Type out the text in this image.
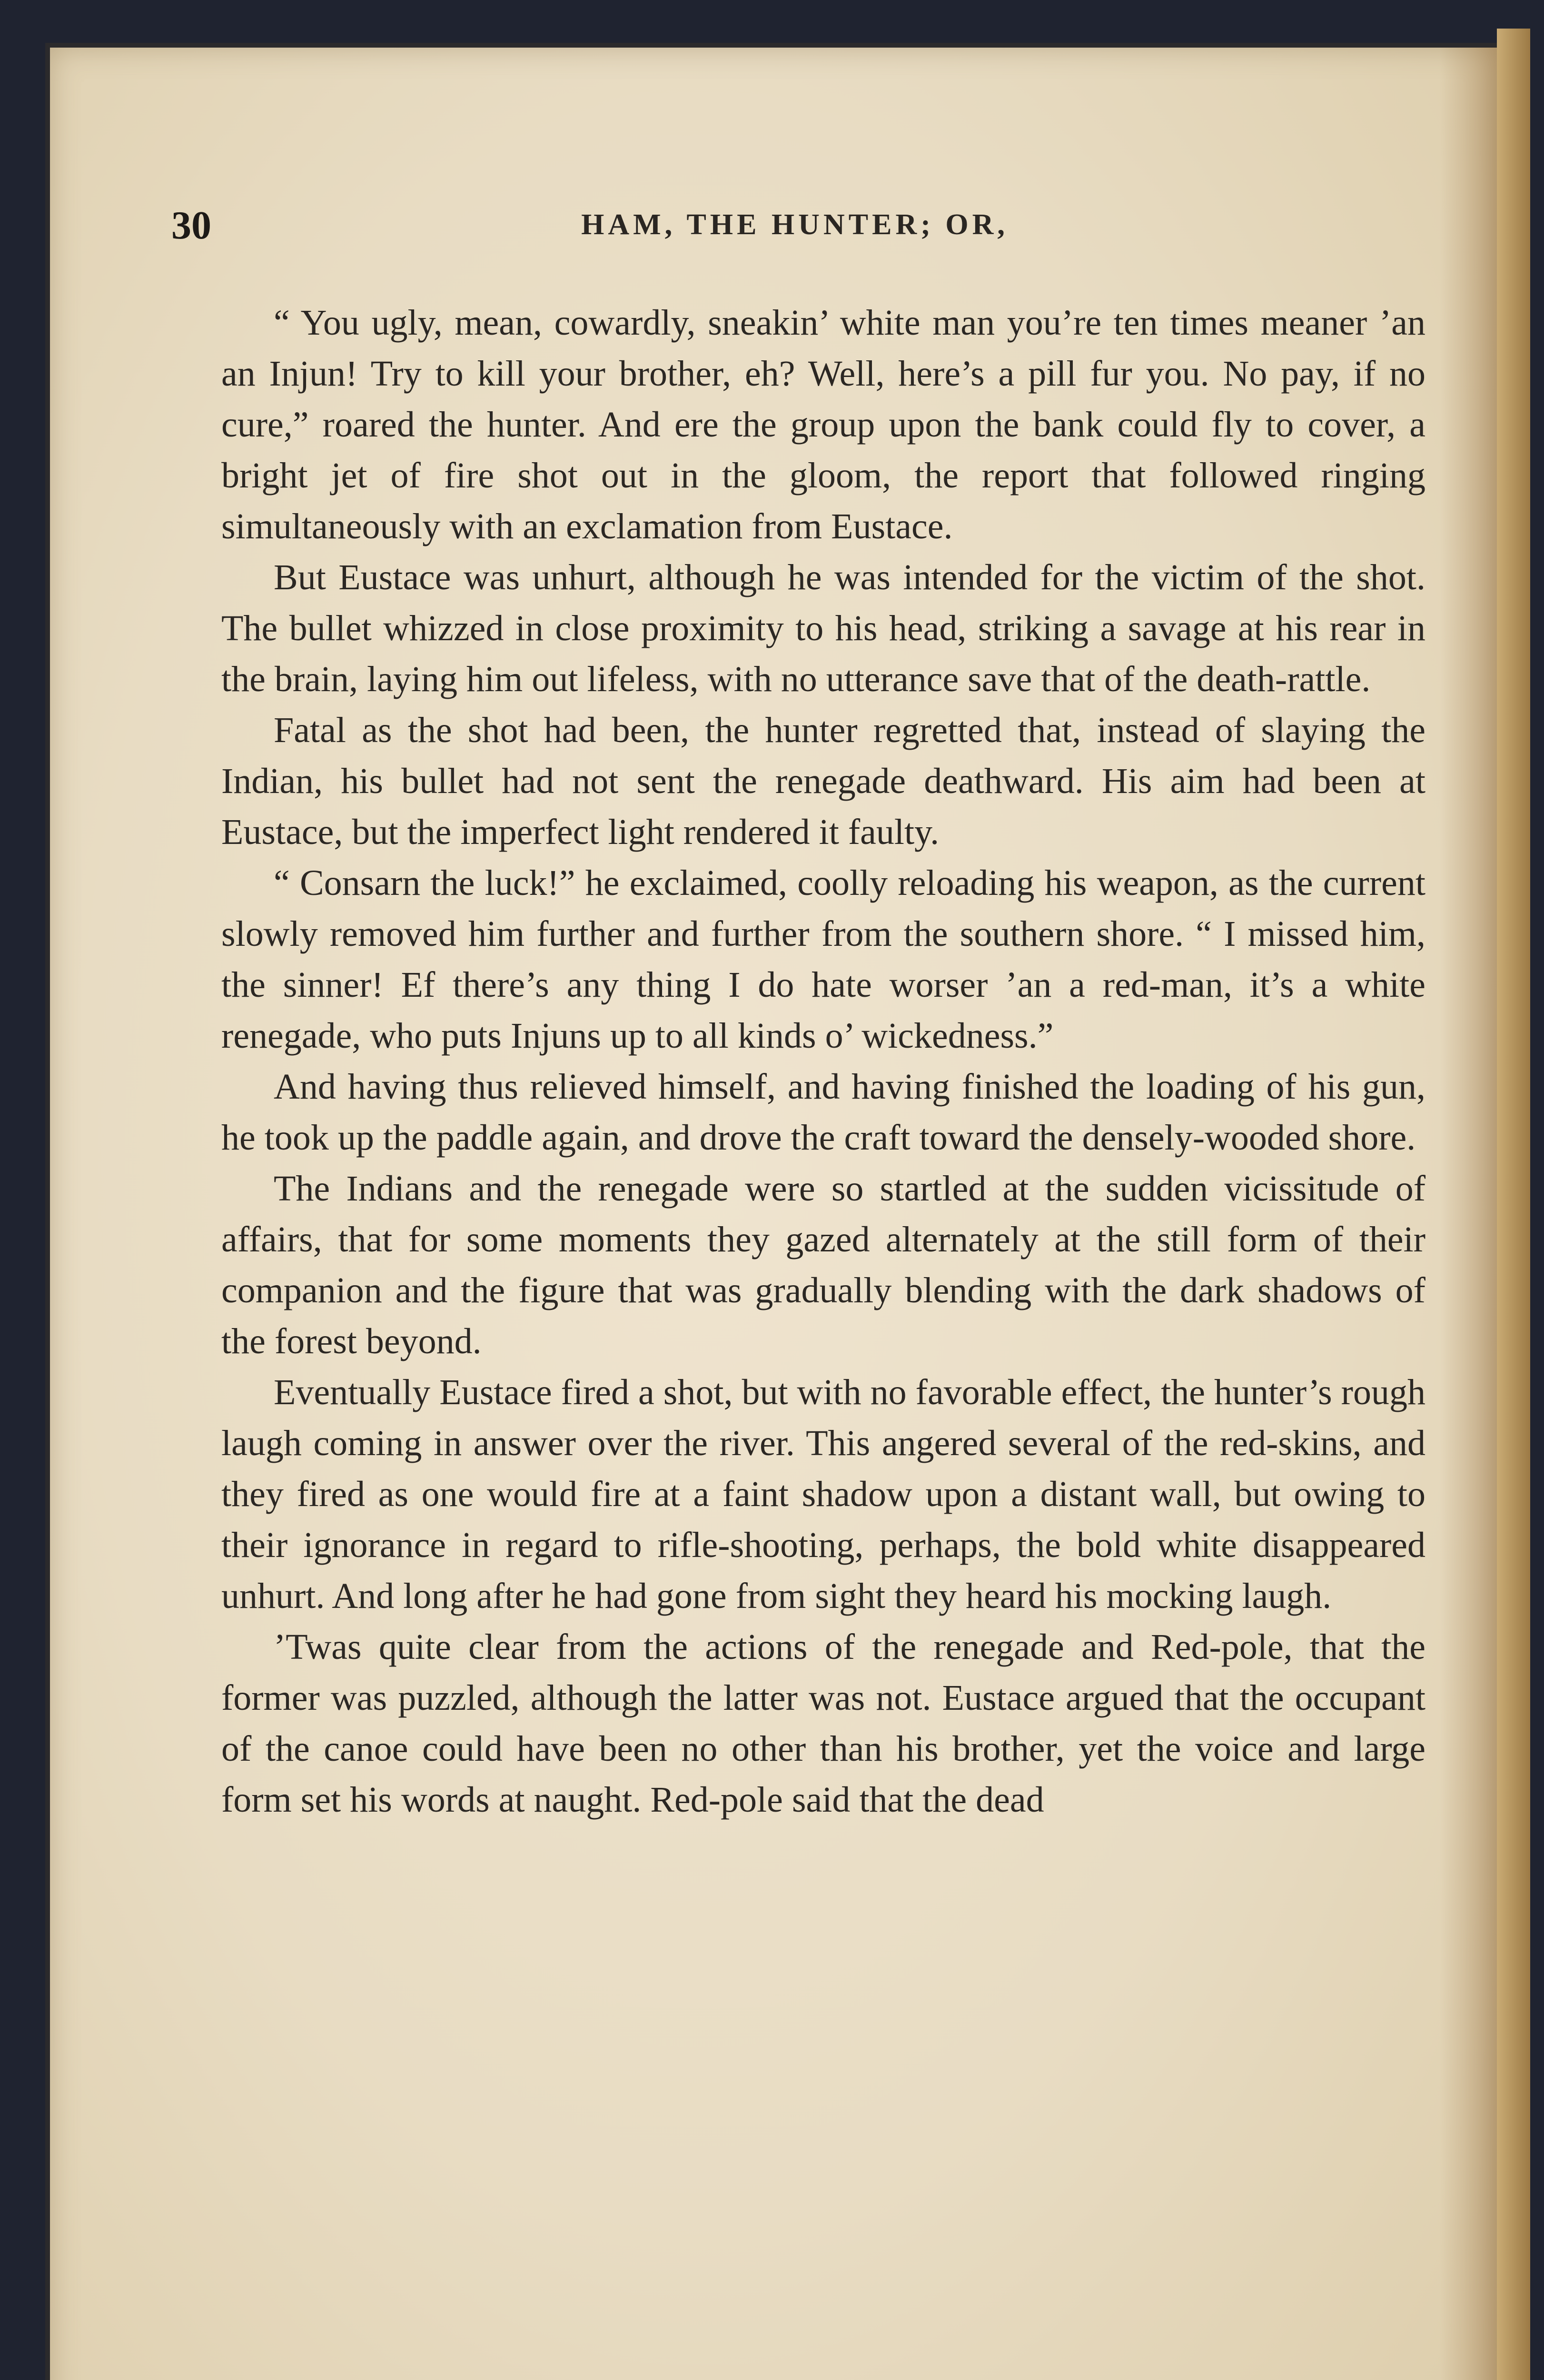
30	HAM, THE HUNTER; OR,

“ You ugly, mean, cowardly, sneakin’ white man you’re ten times meaner ’an an Injun! Try to kill your brother, eh? Well, here’s a pill fur you. No pay, if no cure,” roared the hunter. And ere the group upon the bank could fly to cover, a bright jet of fire shot out in the gloom, the report that followed ringing simultaneously with an exclamation from Eustace.

But Eustace was unhurt, although he was intended for the victim of the shot. The bullet whizzed in close proximity to his head, striking a savage at his rear in the brain, laying him out lifeless, with no utterance save that of the death-rattle.

Fatal as the shot had been, the hunter regretted that, instead of slaying the Indian, his bullet had not sent the renegade deathward. His aim had been at Eustace, but the imperfect light rendered it faulty.

“ Consarn the luck!” he exclaimed, coolly reloading his weapon, as the current slowly removed him further and further from the southern shore. “ I missed him, the sinner! Ef there’s any thing I do hate worser ’an a red-man, it’s a white renegade, who puts Injuns up to all kinds o’ wickedness.”

And having thus relieved himself, and having finished the loading of his gun, he took up the paddle again, and drove the craft toward the densely-wooded shore.

The Indians and the renegade were so startled at the sudden vicissitude of affairs, that for some moments they gazed alternately at the still form of their companion and the figure that was gradually blending with the dark shadows of the forest beyond.

Eventually Eustace fired a shot, but with no favorable effect, the hunter’s rough laugh coming in answer over the river. This angered several of the red-skins, and they fired as one would fire at a faint shadow upon a distant wall, but owing to their ignorance in regard to rifle-shooting, perhaps, the bold white disappeared unhurt. And long after he had gone from sight they heard his mocking laugh.

’Twas quite clear from the actions of the renegade and Red-pole, that the former was puzzled, although the latter was not. Eustace argued that the occupant of the canoe could have been no other than his brother, yet the voice and large form set his words at naught. Red-pole said that the dead
